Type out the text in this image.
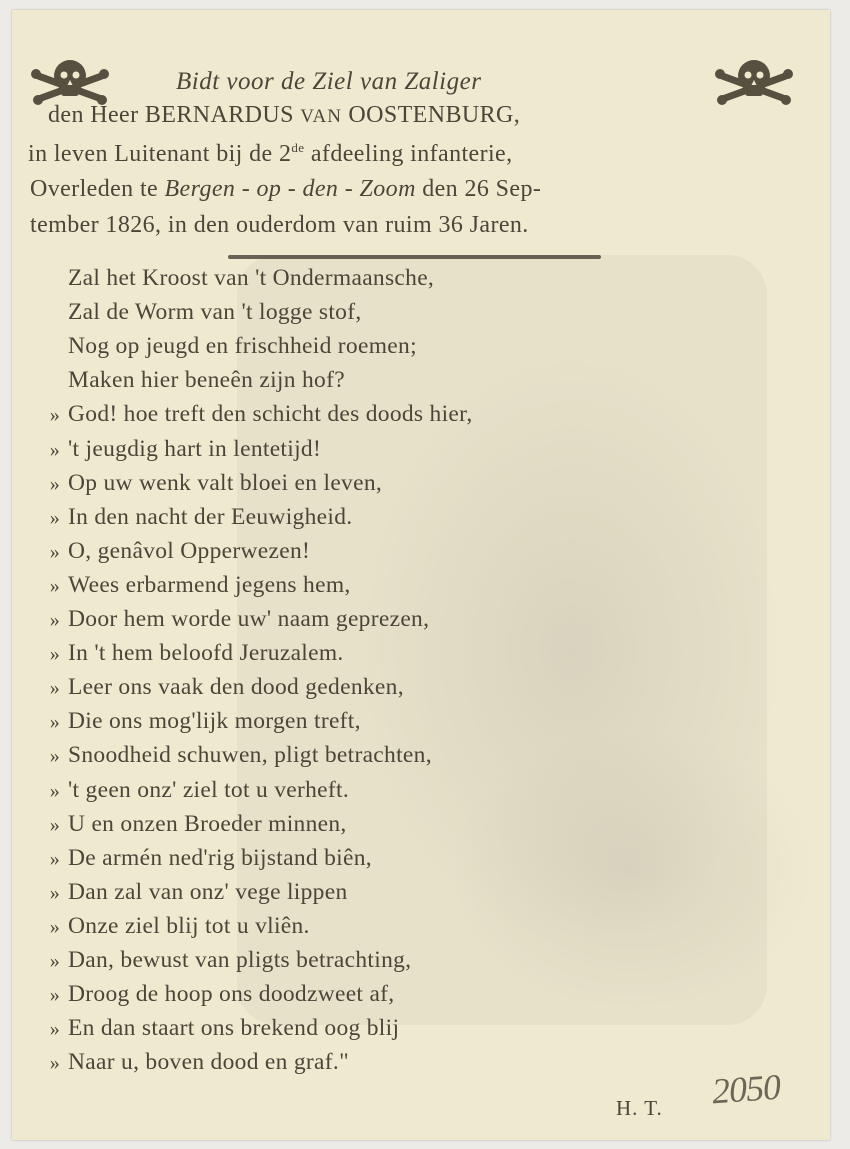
Bidt voor de Ziel van Zaliger
den Heer BERNARDUS VAN OOSTENBURG,
in leven Luitenant bij de 2de afdeeling infanterie,
Overleden te Bergen - op - den - Zoom den 26 Sep-
tember 1826, in den ouderdom van ruim 36 Jaren.
Zal het Kroost van 't Ondermaansche,
Zal de Worm van 't logge stof,
Nog op jeugd en frischheid roemen;
Maken hier beneên zijn hof?
» God! hoe treft den schicht des doods hier,
» 't jeugdig hart in lentetijd!
» Op uw wenk valt bloei en leven,
» In den nacht der Eeuwigheid.
» O, genâvol Opperwezen!
» Wees erbarmend jegens hem,
» Door hem worde uw' naam geprezen,
» In 't hem beloofd Jeruzalem.
» Leer ons vaak den dood gedenken,
» Die ons mog'lijk morgen treft,
» Snoodheid schuwen, pligt betrachten,
» 't geen onz' ziel tot u verheft.
» U en onzen Broeder minnen,
» De armén ned'rig bijstand biên,
» Dan zal van onz' vege lippen
» Onze ziel blij tot u vliên.
» Dan, bewust van pligts betrachting,
» Droog de hoop ons doodzweet af,
» En dan staart ons brekend oog blij
» Naar u, boven dood en graf."
H. T. 2050
